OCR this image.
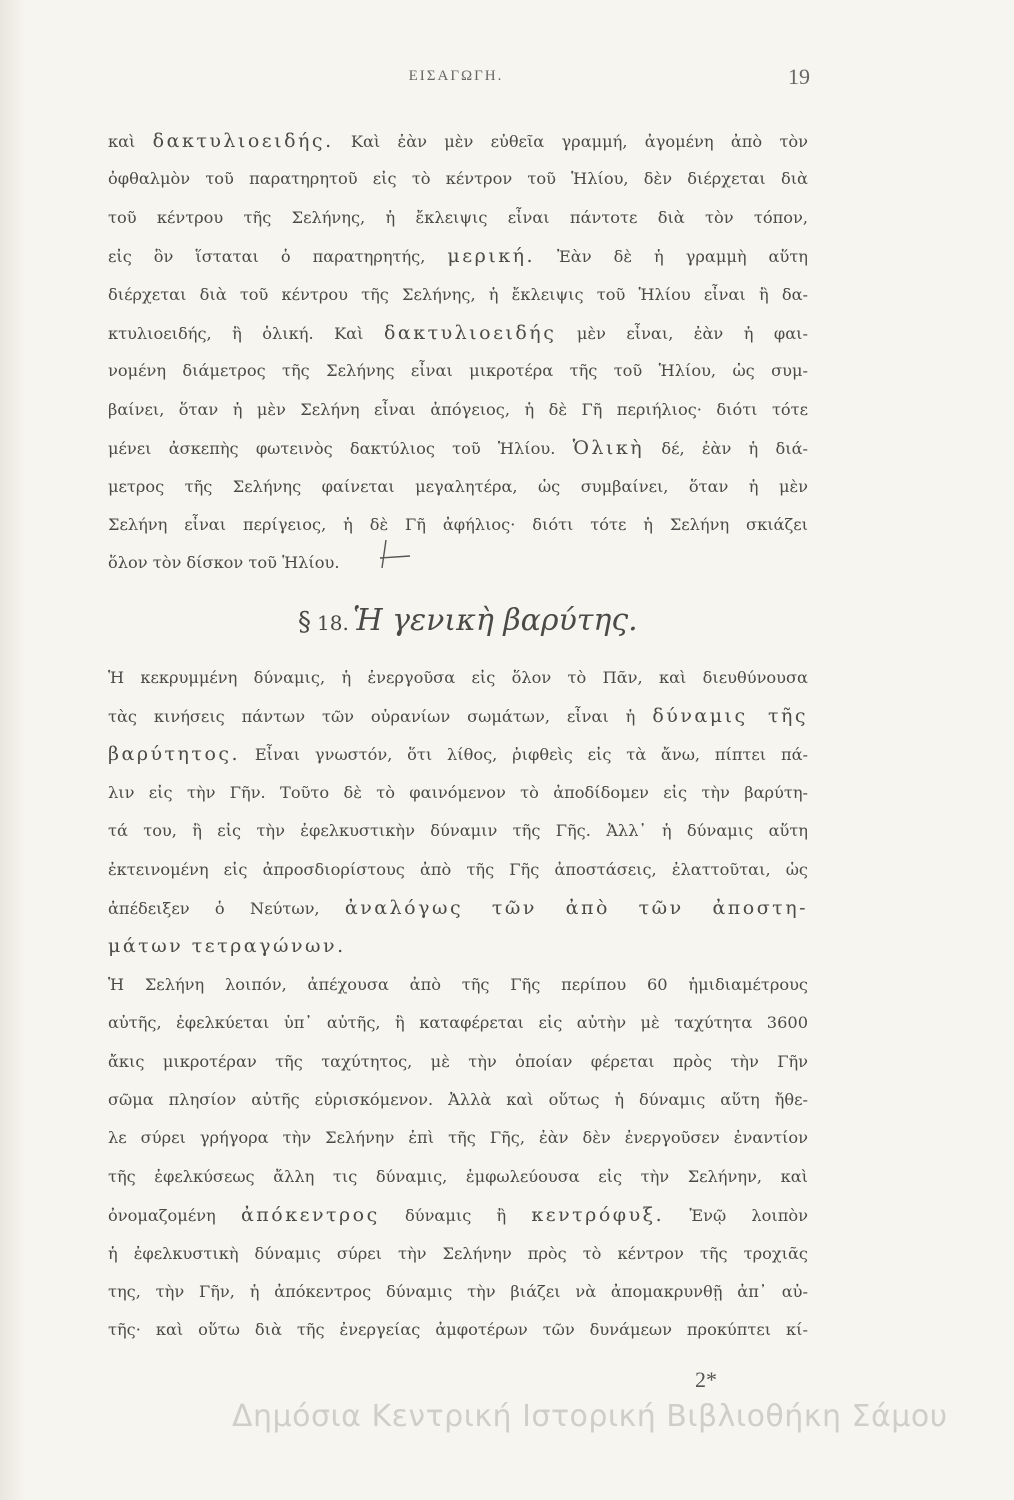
ΕΙΣΑΓΩΓΗ.	19
καὶ δακτυλιοειδής. Καὶ ἐὰν μὲν εὐθεῖα γραμμή, ἀγομένη ἀπὸ τὸν
ὀφθαλμὸν τοῦ παρατηρητοῦ εἰς τὸ κέντρον τοῦ Ἡλίου, δὲν διέρχεται διὰ
τοῦ κέντρου τῆς Σελήνης, ἡ ἔκλειψις εἶναι πάντοτε διὰ τὸν τόπον,
εἰς ὃν ἵσταται ὁ παρατηρητής, μερική. Ἐὰν δὲ ἡ γραμμὴ αὕτη
διέρχεται διὰ τοῦ κέντρου τῆς Σελήνης, ἡ ἔκλειψις τοῦ Ἡλίου εἶναι ἢ δα-
κτυλιοειδής, ἢ ὁλική. Καὶ δακτυλιοειδής μὲν εἶναι, ἐὰν ἡ φαι-
νομένη διάμετρος τῆς Σελήνης εἶναι μικροτέρα τῆς τοῦ Ἡλίου, ὡς συμ-
βαίνει, ὅταν ἡ μὲν Σελήνη εἶναι ἀπόγειος, ἡ δὲ Γῆ περιήλιος· διότι τότε
μένει ἀσκεπὴς φωτεινὸς δακτύλιος τοῦ Ἡλίου. Ὁλικὴ δέ, ἐὰν ἡ διά-
μετρος τῆς Σελήνης φαίνεται μεγαλητέρα, ὡς συμβαίνει, ὅταν ἡ μὲν
Σελήνη εἶναι περίγειος, ἡ δὲ Γῆ ἀφήλιος· διότι τότε ἡ Σελήνη σκιάζει
ὅλον τὸν δίσκον τοῦ Ἡλίου.
§ 18. Ἡ γενικὴ βαρύτης.
Ἡ κεκρυμμένη δύναμις, ἡ ἐνεργοῦσα εἰς ὅλον τὸ Πᾶν, καὶ διευθύνουσα
τὰς κινήσεις πάντων τῶν οὐρανίων σωμάτων, εἶναι ἡ δύναμις τῆς
βαρύτητος. Εἶναι γνωστόν, ὅτι λίθος, ῥιφθεὶς εἰς τὰ ἄνω, πίπτει πά-
λιν εἰς τὴν Γῆν. Τοῦτο δὲ τὸ φαινόμενον τὸ ἀποδίδομεν εἰς τὴν βαρύτη-
τά του, ἢ εἰς τὴν ἐφελκυστικὴν δύναμιν τῆς Γῆς. Ἀλλ᾽ ἡ δύναμις αὕτη
ἐκτεινομένη εἰς ἀπροσδιορίστους ἀπὸ τῆς Γῆς ἀποστάσεις, ἐλαττοῦται, ὡς
ἀπέδειξεν ὁ Νεύτων, ἀναλόγως τῶν ἀπὸ τῶν ἀποστη-
μάτων τετραγώνων.
Ἡ Σελήνη λοιπόν, ἀπέχουσα ἀπὸ τῆς Γῆς περίπου 60 ἡμιδιαμέτρους
αὐτῆς, ἐφελκύεται ὑπ᾽ αὐτῆς, ἢ καταφέρεται εἰς αὐτὴν μὲ ταχύτητα 3600
ἄκις μικροτέραν τῆς ταχύτητος, μὲ τὴν ὁποίαν φέρεται πρὸς τὴν Γῆν
σῶμα πλησίον αὐτῆς εὑρισκόμενον. Ἀλλὰ καὶ οὕτως ἡ δύναμις αὕτη ἤθε-
λε σύρει γρήγορα τὴν Σελήνην ἐπὶ τῆς Γῆς, ἐὰν δὲν ἐνεργοῦσεν ἐναντίον
τῆς ἐφελκύσεως ἄλλη τις δύναμις, ἐμφωλεύουσα εἰς τὴν Σελήνην, καὶ
ὀνομαζομένη ἀπόκεντρος δύναμις ἢ κεντρόφυξ. Ἐνῷ λοιπὸν
ἡ ἐφελκυστικὴ δύναμις σύρει τὴν Σελήνην πρὸς τὸ κέντρον τῆς τροχιᾶς
της, τὴν Γῆν, ἡ ἀπόκεντρος δύναμις τὴν βιάζει νὰ ἀπομακρυνθῇ ἀπ᾽ αὐ-
τῆς· καὶ οὕτω διὰ τῆς ἐνεργείας ἀμφοτέρων τῶν δυνάμεων προκύπτει κί-
2*
Δημόσια Κεντρική Ιστορική Βιβλιοθήκη Σάμου
